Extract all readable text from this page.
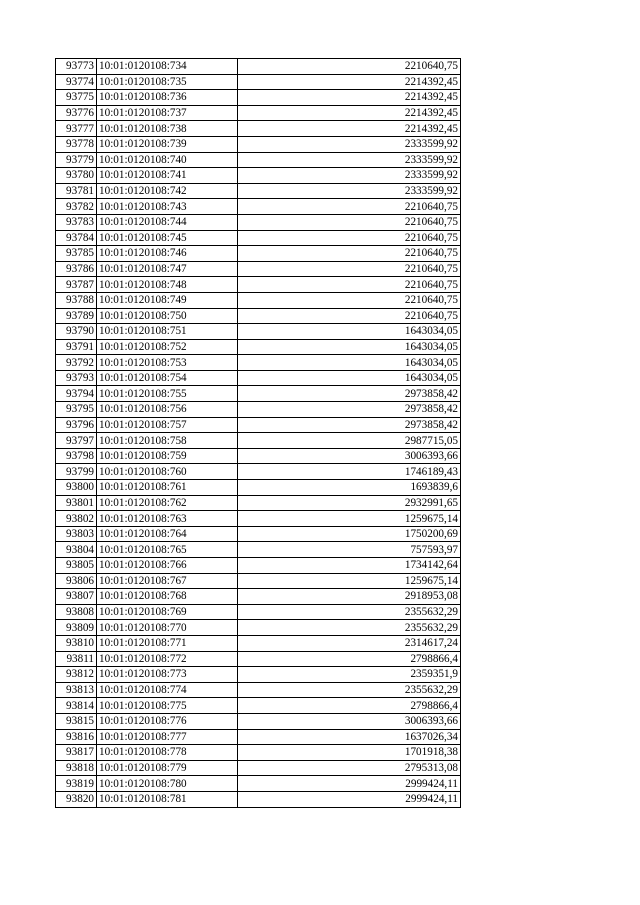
93773	10:01:0120108:734	2210640,75
93774	10:01:0120108:735	2214392,45
93775	10:01:0120108:736	2214392,45
93776	10:01:0120108:737	2214392,45
93777	10:01:0120108:738	2214392,45
93778	10:01:0120108:739	2333599,92
93779	10:01:0120108:740	2333599,92
93780	10:01:0120108:741	2333599,92
93781	10:01:0120108:742	2333599,92
93782	10:01:0120108:743	2210640,75
93783	10:01:0120108:744	2210640,75
93784	10:01:0120108:745	2210640,75
93785	10:01:0120108:746	2210640,75
93786	10:01:0120108:747	2210640,75
93787	10:01:0120108:748	2210640,75
93788	10:01:0120108:749	2210640,75
93789	10:01:0120108:750	2210640,75
93790	10:01:0120108:751	1643034,05
93791	10:01:0120108:752	1643034,05
93792	10:01:0120108:753	1643034,05
93793	10:01:0120108:754	1643034,05
93794	10:01:0120108:755	2973858,42
93795	10:01:0120108:756	2973858,42
93796	10:01:0120108:757	2973858,42
93797	10:01:0120108:758	2987715,05
93798	10:01:0120108:759	3006393,66
93799	10:01:0120108:760	1746189,43
93800	10:01:0120108:761	1693839,6
93801	10:01:0120108:762	2932991,65
93802	10:01:0120108:763	1259675,14
93803	10:01:0120108:764	1750200,69
93804	10:01:0120108:765	757593,97
93805	10:01:0120108:766	1734142,64
93806	10:01:0120108:767	1259675,14
93807	10:01:0120108:768	2918953,08
93808	10:01:0120108:769	2355632,29
93809	10:01:0120108:770	2355632,29
93810	10:01:0120108:771	2314617,24
93811	10:01:0120108:772	2798866,4
93812	10:01:0120108:773	2359351,9
93813	10:01:0120108:774	2355632,29
93814	10:01:0120108:775	2798866,4
93815	10:01:0120108:776	3006393,66
93816	10:01:0120108:777	1637026,34
93817	10:01:0120108:778	1701918,38
93818	10:01:0120108:779	2795313,08
93819	10:01:0120108:780	2999424,11
93820	10:01:0120108:781	2999424,11
